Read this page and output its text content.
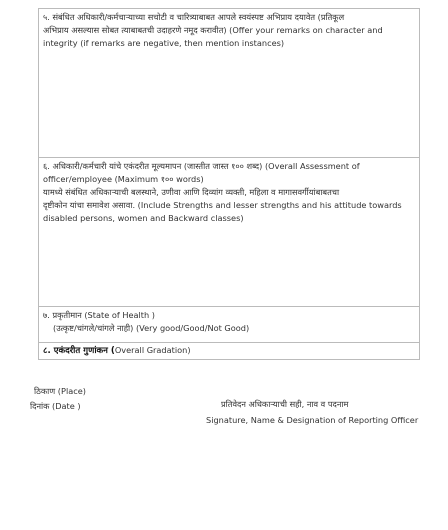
५. संबंधित अधिकारी/कर्मचाऱ्याच्या सचोटी व चारित्र्याबाबत आपले स्वयंस्पष्ट अभिप्राय दयावेत (प्रतिकूल
अभिप्राय असल्यास सोबत त्याबाबतची उदाहरणे नमूद करावीत) (Offer your remarks on character and
integrity (if remarks are negative, then mention instances)

६. अधिकारी/कर्मचारी यांचे एकंदरीत मूल्यमापन (जास्तीत जास्त १०० शब्द) (Overall Assessment of
officer/employee (Maximum १०० words)
यामध्ये संबंधित अधिकाऱ्याची बलस्थाने, उणीवा आणि दिव्यांग व्यक्ती, महिला व मागासवर्गीयांबाबतचा
दृष्टीकोन यांचा समावेश असावा. (Include Strengths and lesser strengths and his attitude towards
disabled persons, women and Backward classes)

७. प्रकृतीमान (State of Health )
(उत्कृष्ट/चांगले/चांगले नाही) (Very good/Good/Not Good)

८. एकंदरीत गुणांकन (Overall Gradation)
ठिकाण (Place)
दिनांक (Date )	प्रतिवेदन अधिकाऱ्याची सही, नाव व पदनाम
Signature, Name & Designation of Reporting Officer
